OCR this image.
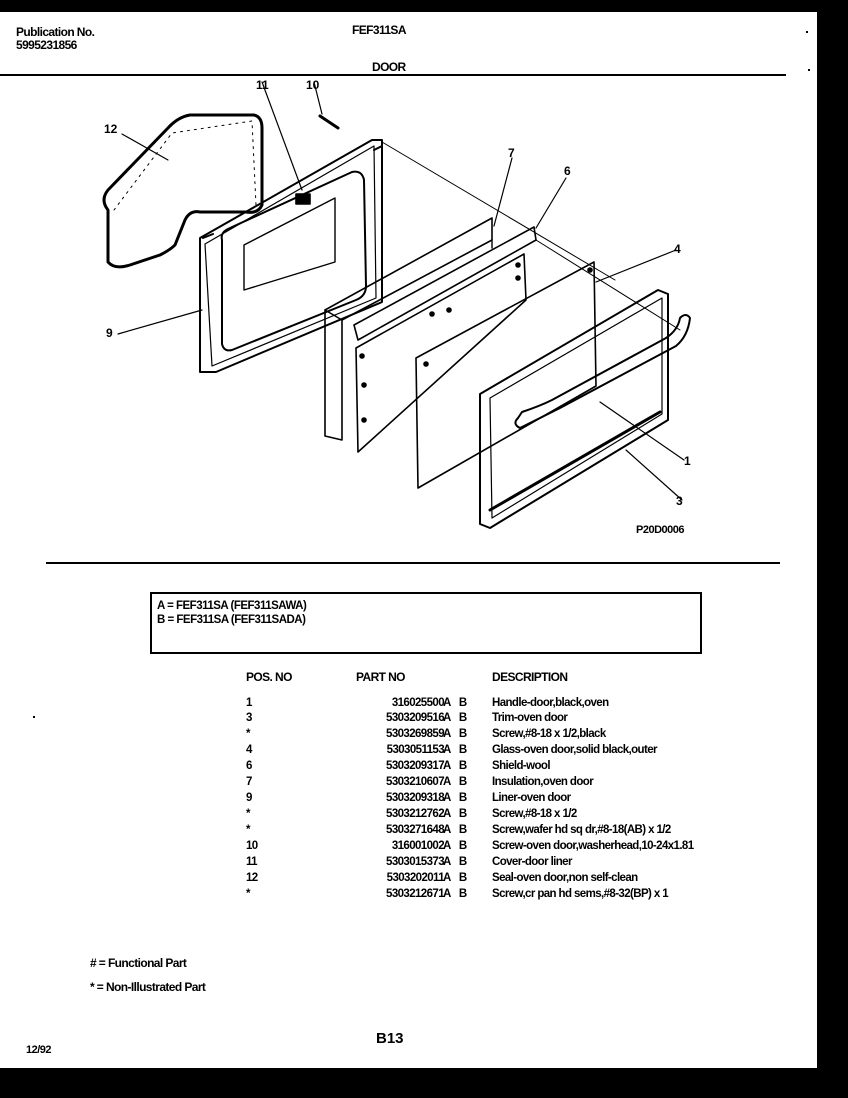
Publication No.
5995231856
FEF311SA
DOOR
11	10
12
7
6
4
9
1
3
P20D0006
A = FEF311SA (FEF311SAWA)
B = FEF311SA (FEF311SADA)
POS. NO	PART NO	DESCRIPTION
1	316025500 A B Handle-door,black,oven
3	5303209516 A B Trim-oven door
*	5303269859 A B Screw,#8-18 x 1/2,black
4	5303051153 A B Glass-oven door,solid black,outer
6	5303209317 A B Shield-wool
7	5303210607 A B Insulation,oven door
9	5303209318 A B Liner-oven door
*	5303212762 A B Screw,#8-18 x 1/2
*	5303271648 A B Screw,wafer hd sq dr,#8-18(AB) x 1/2
10	316001002 A B Screw-oven door,washerhead,10-24x1.81
11	5303015373 A B Cover-door liner
12	5303202011 A B Seal-oven door,non self-clean
*	5303212671 A B Screw,cr pan hd sems,#8-32(BP) x 1
# = Functional Part
* = Non-Illustrated Part
12/92
B13
